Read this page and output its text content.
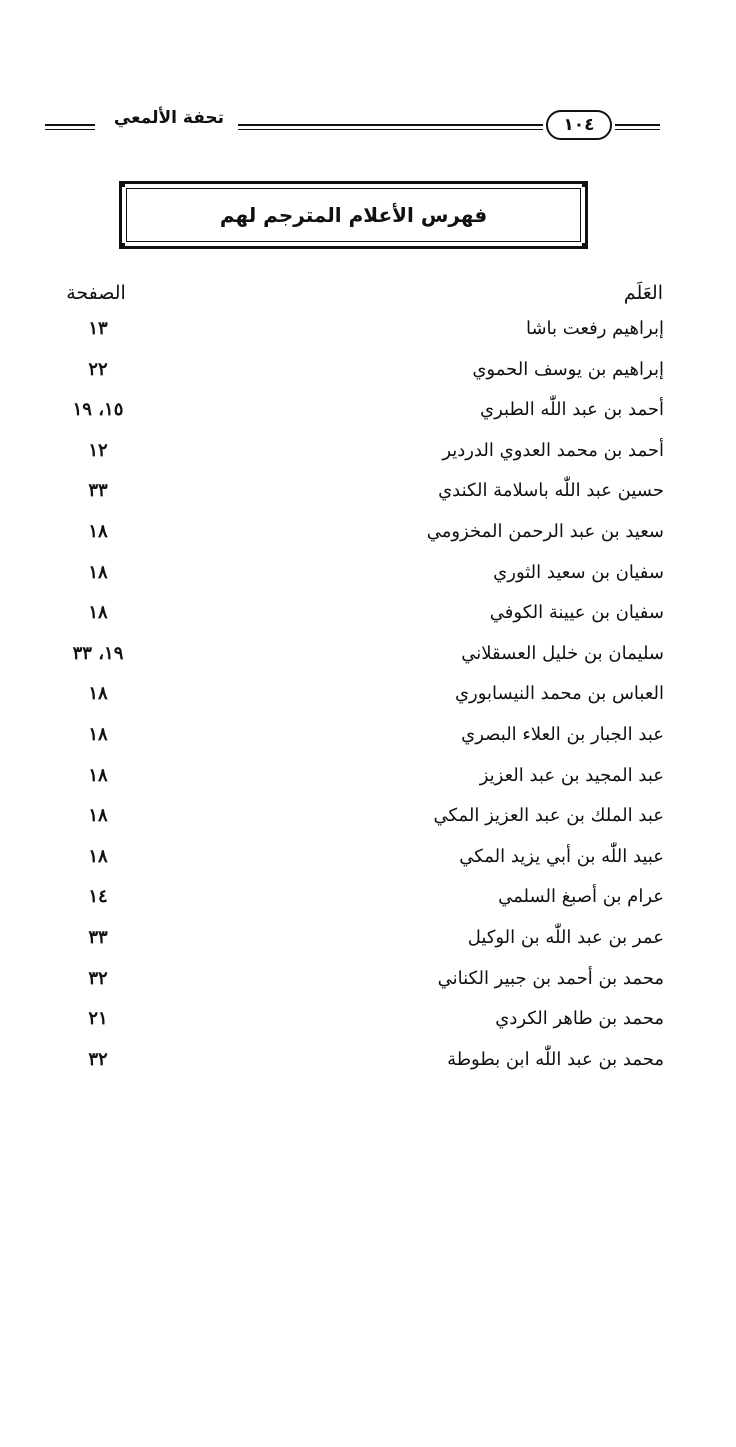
تحفة الألمعي	١٠٤
فهرس الأعلام المترجم لهم
العَلَم
الصفحة
إبراهيم رفعت باشا
١٣
إبراهيم بن يوسف الحموي
٢٢
أحمد بن عبد اللّٰه الطبري
١٥، ١٩
أحمد بن محمد العدوي الدردير
١٢
حسين عبد اللّٰه باسلامة الكندي
٣٣
سعيد بن عبد الرحمن المخزومي
١٨
سفيان بن سعيد الثوري
١٨
سفيان بن عيينة الكوفي
١٨
سليمان بن خليل العسقلاني
١٩، ٣٣
العباس بن محمد النيسابوري
١٨
عبد الجبار بن العلاء البصري
١٨
عبد المجيد بن عبد العزيز
١٨
عبد الملك بن عبد العزيز المكي
١٨
عبيد اللّٰه بن أبي يزيد المكي
١٨
عرام بن أصبغ السلمي
١٤
عمر بن عبد اللّٰه بن الوكيل
٣٣
محمد بن أحمد بن جبير الكناني
٣٢
محمد بن طاهر الكردي
٢١
محمد بن عبد اللّٰه ابن بطوطة
٣٢
